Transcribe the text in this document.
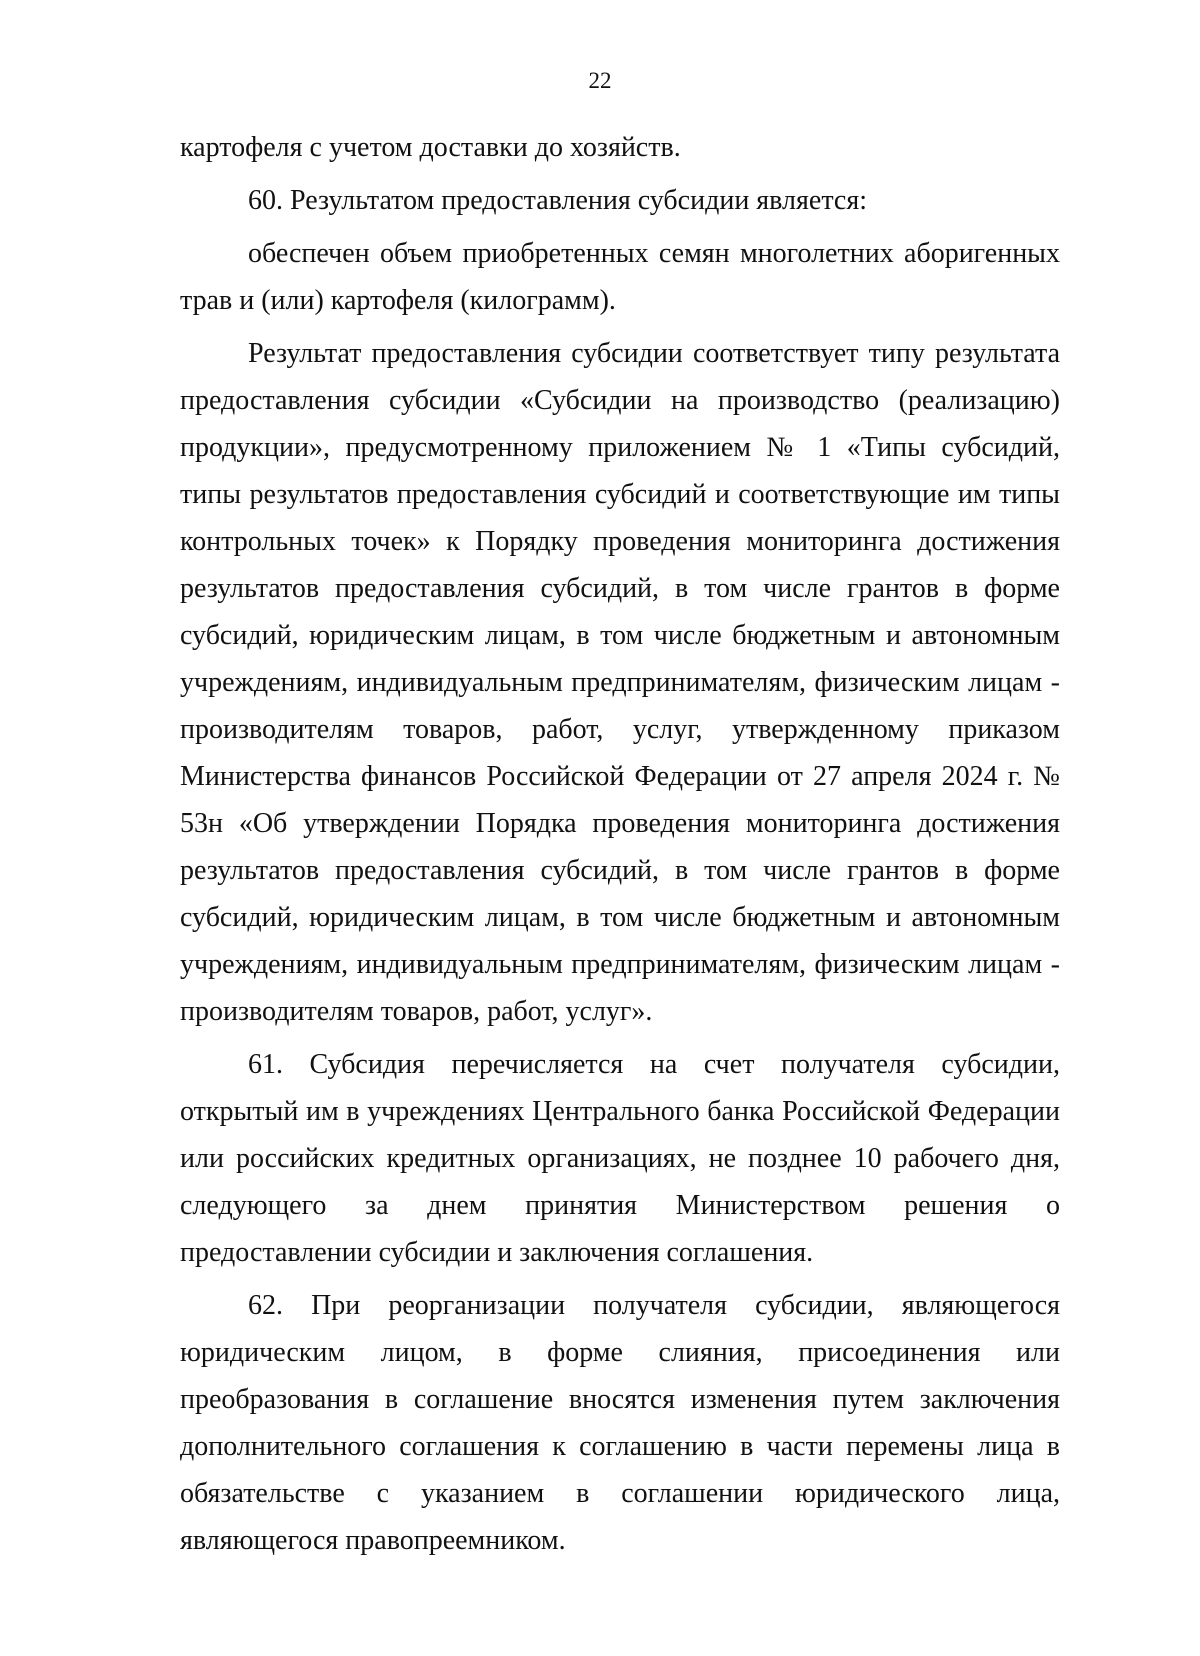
22

картофеля с учетом доставки до хозяйств.

60. Результатом предоставления субсидии является:

обеспечен объем приобретенных семян многолетних аборигенных трав и (или) картофеля (килограмм).

Результат предоставления субсидии соответствует типу результата предоставления субсидии «Субсидии на производство (реализацию) продукции», предусмотренному приложением № 1 «Типы субсидий, типы результатов предоставления субсидий и соответствующие им типы контрольных точек» к Порядку проведения мониторинга достижения результатов предоставления субсидий, в том числе грантов в форме субсидий, юридическим лицам, в том числе бюджетным и автономным учреждениям, индивидуальным предпринимателям, физическим лицам - производителям товаров, работ, услуг, утвержденному приказом Министерства финансов Российской Федерации от 27 апреля 2024 г. № 53н «Об утверждении Порядка проведения мониторинга достижения результатов предоставления субсидий, в том числе грантов в форме субсидий, юридическим лицам, в том числе бюджетным и автономным учреждениям, индивидуальным предпринимателям, физическим лицам - производителям товаров, работ, услуг».

61. Субсидия перечисляется на счет получателя субсидии, открытый им в учреждениях Центрального банка Российской Федерации или российских кредитных организациях, не позднее 10 рабочего дня, следующего за днем принятия Министерством решения о предоставлении субсидии и заключения соглашения.

62. При реорганизации получателя субсидии, являющегося юридическим лицом, в форме слияния, присоединения или преобразования в соглашение вносятся изменения путем заключения дополнительного соглашения к соглашению в части перемены лица в обязательстве с указанием в соглашении юридического лица, являющегося правопреемником.
